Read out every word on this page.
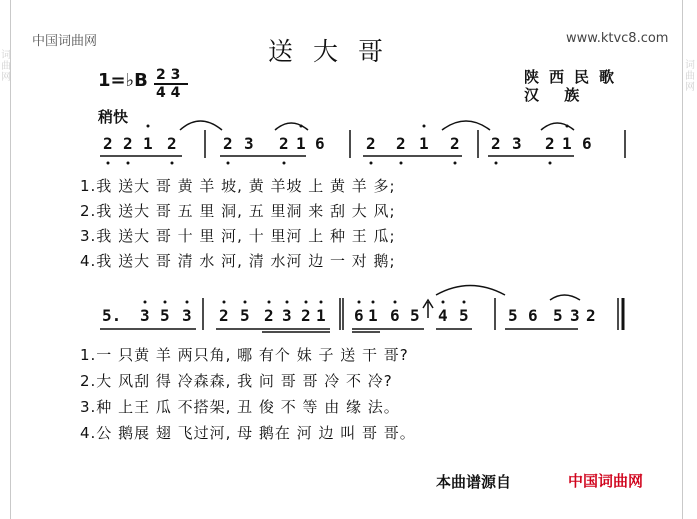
词
曲
网
词
曲
网
中国词曲网	www.ktvc8.com
送大哥
陕西民歌
汉 族
1=♭B 2 3
4 4
稍快
2 2 1 2	2 3 2 1 6	2 2 1 2 2 3 2 1 6
5. 3 5 3 2 5 2 3 2 1 6 1 6 5 4 5 5 6 5 3 2
1.我 送大 哥 黄 羊 坡, 黄 羊坡 上 黄 羊 多;
2.我 送大 哥 五 里 洞, 五 里洞 来 刮 大 风;
3.我 送大 哥 十 里 河, 十 里河 上 种 王 瓜;
4.我 送大 哥 清 水 河, 清 水河 边 一 对 鹅;
1.一 只黄 羊 两只角, 哪 有个 妹 子 送 干 哥?
2.大 风刮 得 冷森森, 我 问 哥 哥 冷 不 冷?
3.种 上王 瓜 不搭架, 丑 俊 不 等 由 缘 法。
4.公 鹅展 翅 飞过河, 母 鹅在 河 边 叫 哥 哥。
本曲谱源自	中国词曲网
